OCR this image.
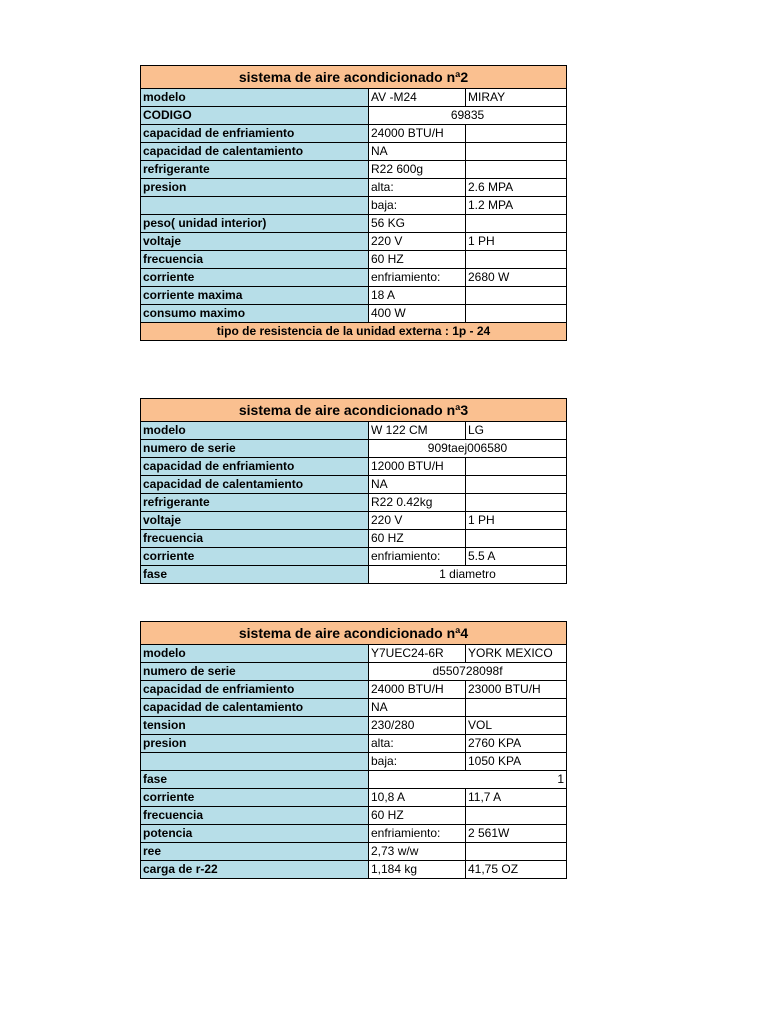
sistema de aire acondicionado nª2		
modelo	AV -M24	MIRAY
CODIGO	69835	
capacidad de enfriamiento	24000 BTU/H	
capacidad de calentamiento	NA	
refrigerante	R22 600g	
presion	alta:	2.6 MPA
	baja:	1.2 MPA
peso( unidad interior)	56 KG	
voltaje	220 V	1 PH
frecuencia	60 HZ	
corriente	enfriamiento:	2680 W
corriente maxima	18 A	
consumo maximo	400 W	
tipo de resistencia de la unidad externa : 1p - 24		
sistema de aire acondicionado nª3		
modelo	W 122 CM	LG
numero de serie	909taej006580	
capacidad de enfriamiento	12000 BTU/H	
capacidad de calentamiento	NA	
refrigerante	R22 0.42kg	
voltaje	220 V	1 PH
frecuencia	60 HZ	
corriente	enfriamiento:	5.5 A
fase	1 diametro	
sistema de aire acondicionado nª4		
modelo	Y7UEC24-6R	YORK MEXICO
numero de serie	d550728098f	
capacidad de enfriamiento	24000 BTU/H	23000 BTU/H
capacidad de calentamiento	NA	
tension	230/280	VOL
presion	alta:	2760 KPA
	baja:	1050 KPA
fase	1	
corriente	10,8 A	11,7 A
frecuencia	60 HZ	
potencia	enfriamiento:	2 561W
ree	2,73 w/w	
carga de r-22	1,184 kg	41,75 OZ
